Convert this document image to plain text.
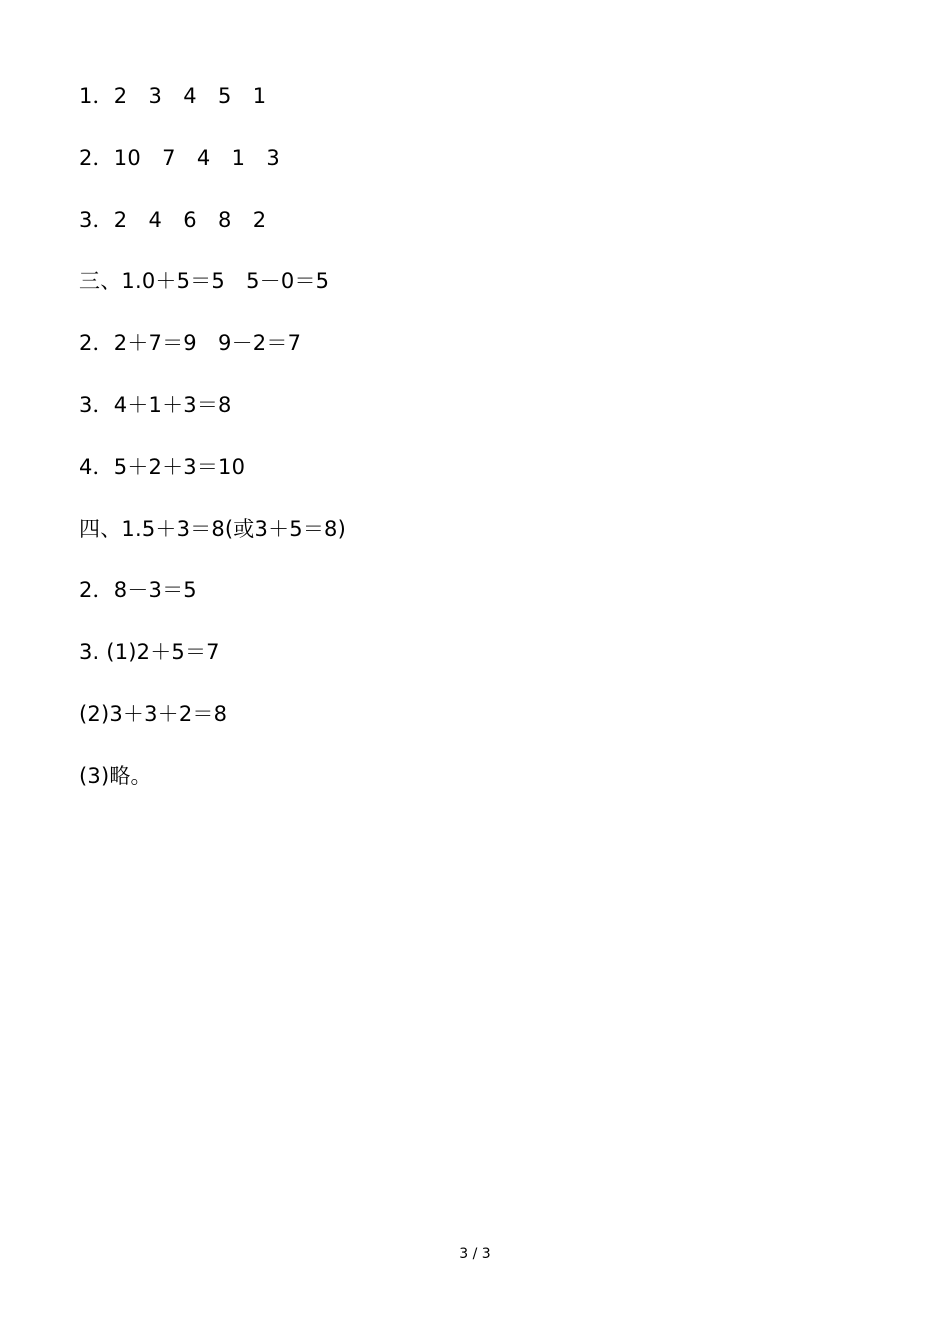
1．2　3　4　5　1
2．10　7　4　1　3
3．2　4　6　8　2
三、1.0＋5＝5　5－0＝5
2．2＋7＝9　9－2＝7
3．4＋1＋3＝8
4．5＋2＋3＝10
四、1.5＋3＝8(或3＋5＝8)
2．8－3＝5
3. (1)2＋5＝7
(2)3＋3＋2＝8
(3)略。
3 / 3
